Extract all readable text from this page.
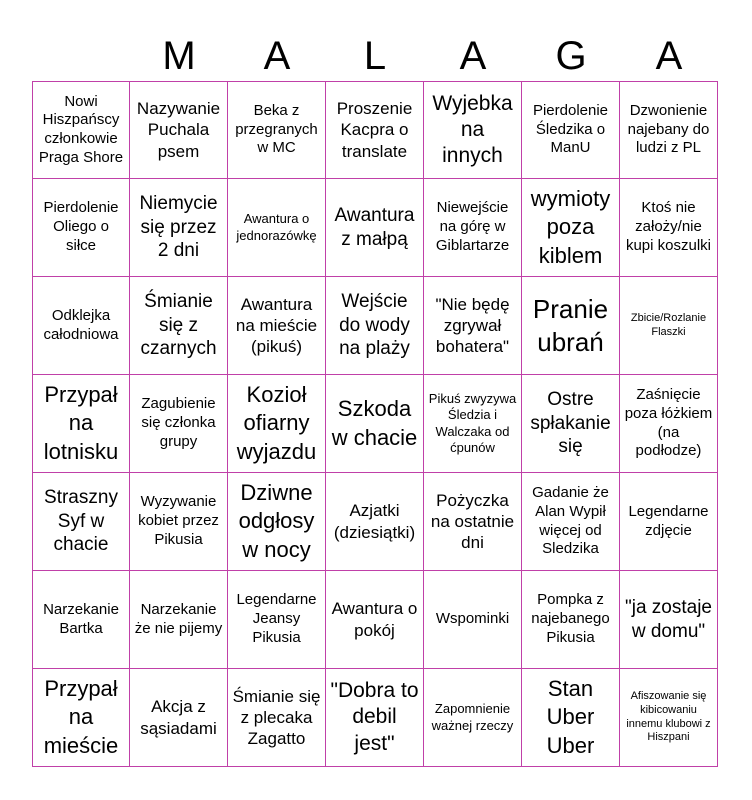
M	A	L	A	G	A
Nowi Hiszpańscy członkowie Praga Shore
Nazywanie Puchala psem
Beka z przegranych w MC
Proszenie Kacpra o translate
Wyjebka na innych
Pierdolenie Śledzika o ManU
Dzwonienie najebany do ludzi z PL
Pierdolenie Oliego o siłce
Niemycie się przez 2 dni
Awantura o jednorazówkę
Awantura z małpą
Niewejście na górę w Giblartarze
wymioty poza kiblem
Ktoś nie założy/nie kupi koszulki
Odklejka całodniowa
Śmianie się z czarnych
Awantura na mieście (pikuś)
Wejście do wody na plaży
"Nie będę zgrywał bohatera"
Pranie ubrań
Zbicie/Rozlanie Flaszki
Przypał na lotnisku
Zagubienie się członka grupy
Kozioł ofiarny wyjazdu
Szkoda w chacie
Pikuś zwyzywa Śledzia i Walczaka od ćpunów
Ostre spłakanie się
Zaśnięcie poza łóżkiem (na podłodze)
Straszny Syf w chacie
Wyzywanie kobiet przez Pikusia
Dziwne odgłosy w nocy
Azjatki (dziesiątki)
Pożyczka na ostatnie dni
Gadanie że Alan Wypił więcej od Sledzika
Legendarne zdjęcie
Narzekanie Bartka
Narzekanie że nie pijemy
Legendarne Jeansy Pikusia
Awantura o pokój
Wspominki
Pompka z najebanego Pikusia
"ja zostaje w domu"
Przypał na mieście
Akcja z sąsiadami
Śmianie się z plecaka Zagatto
"Dobra to debil jest"
Zapomnienie ważnej rzeczy
Stan Uber Uber
Afiszowanie się kibicowaniu innemu klubowi z Hiszpani
